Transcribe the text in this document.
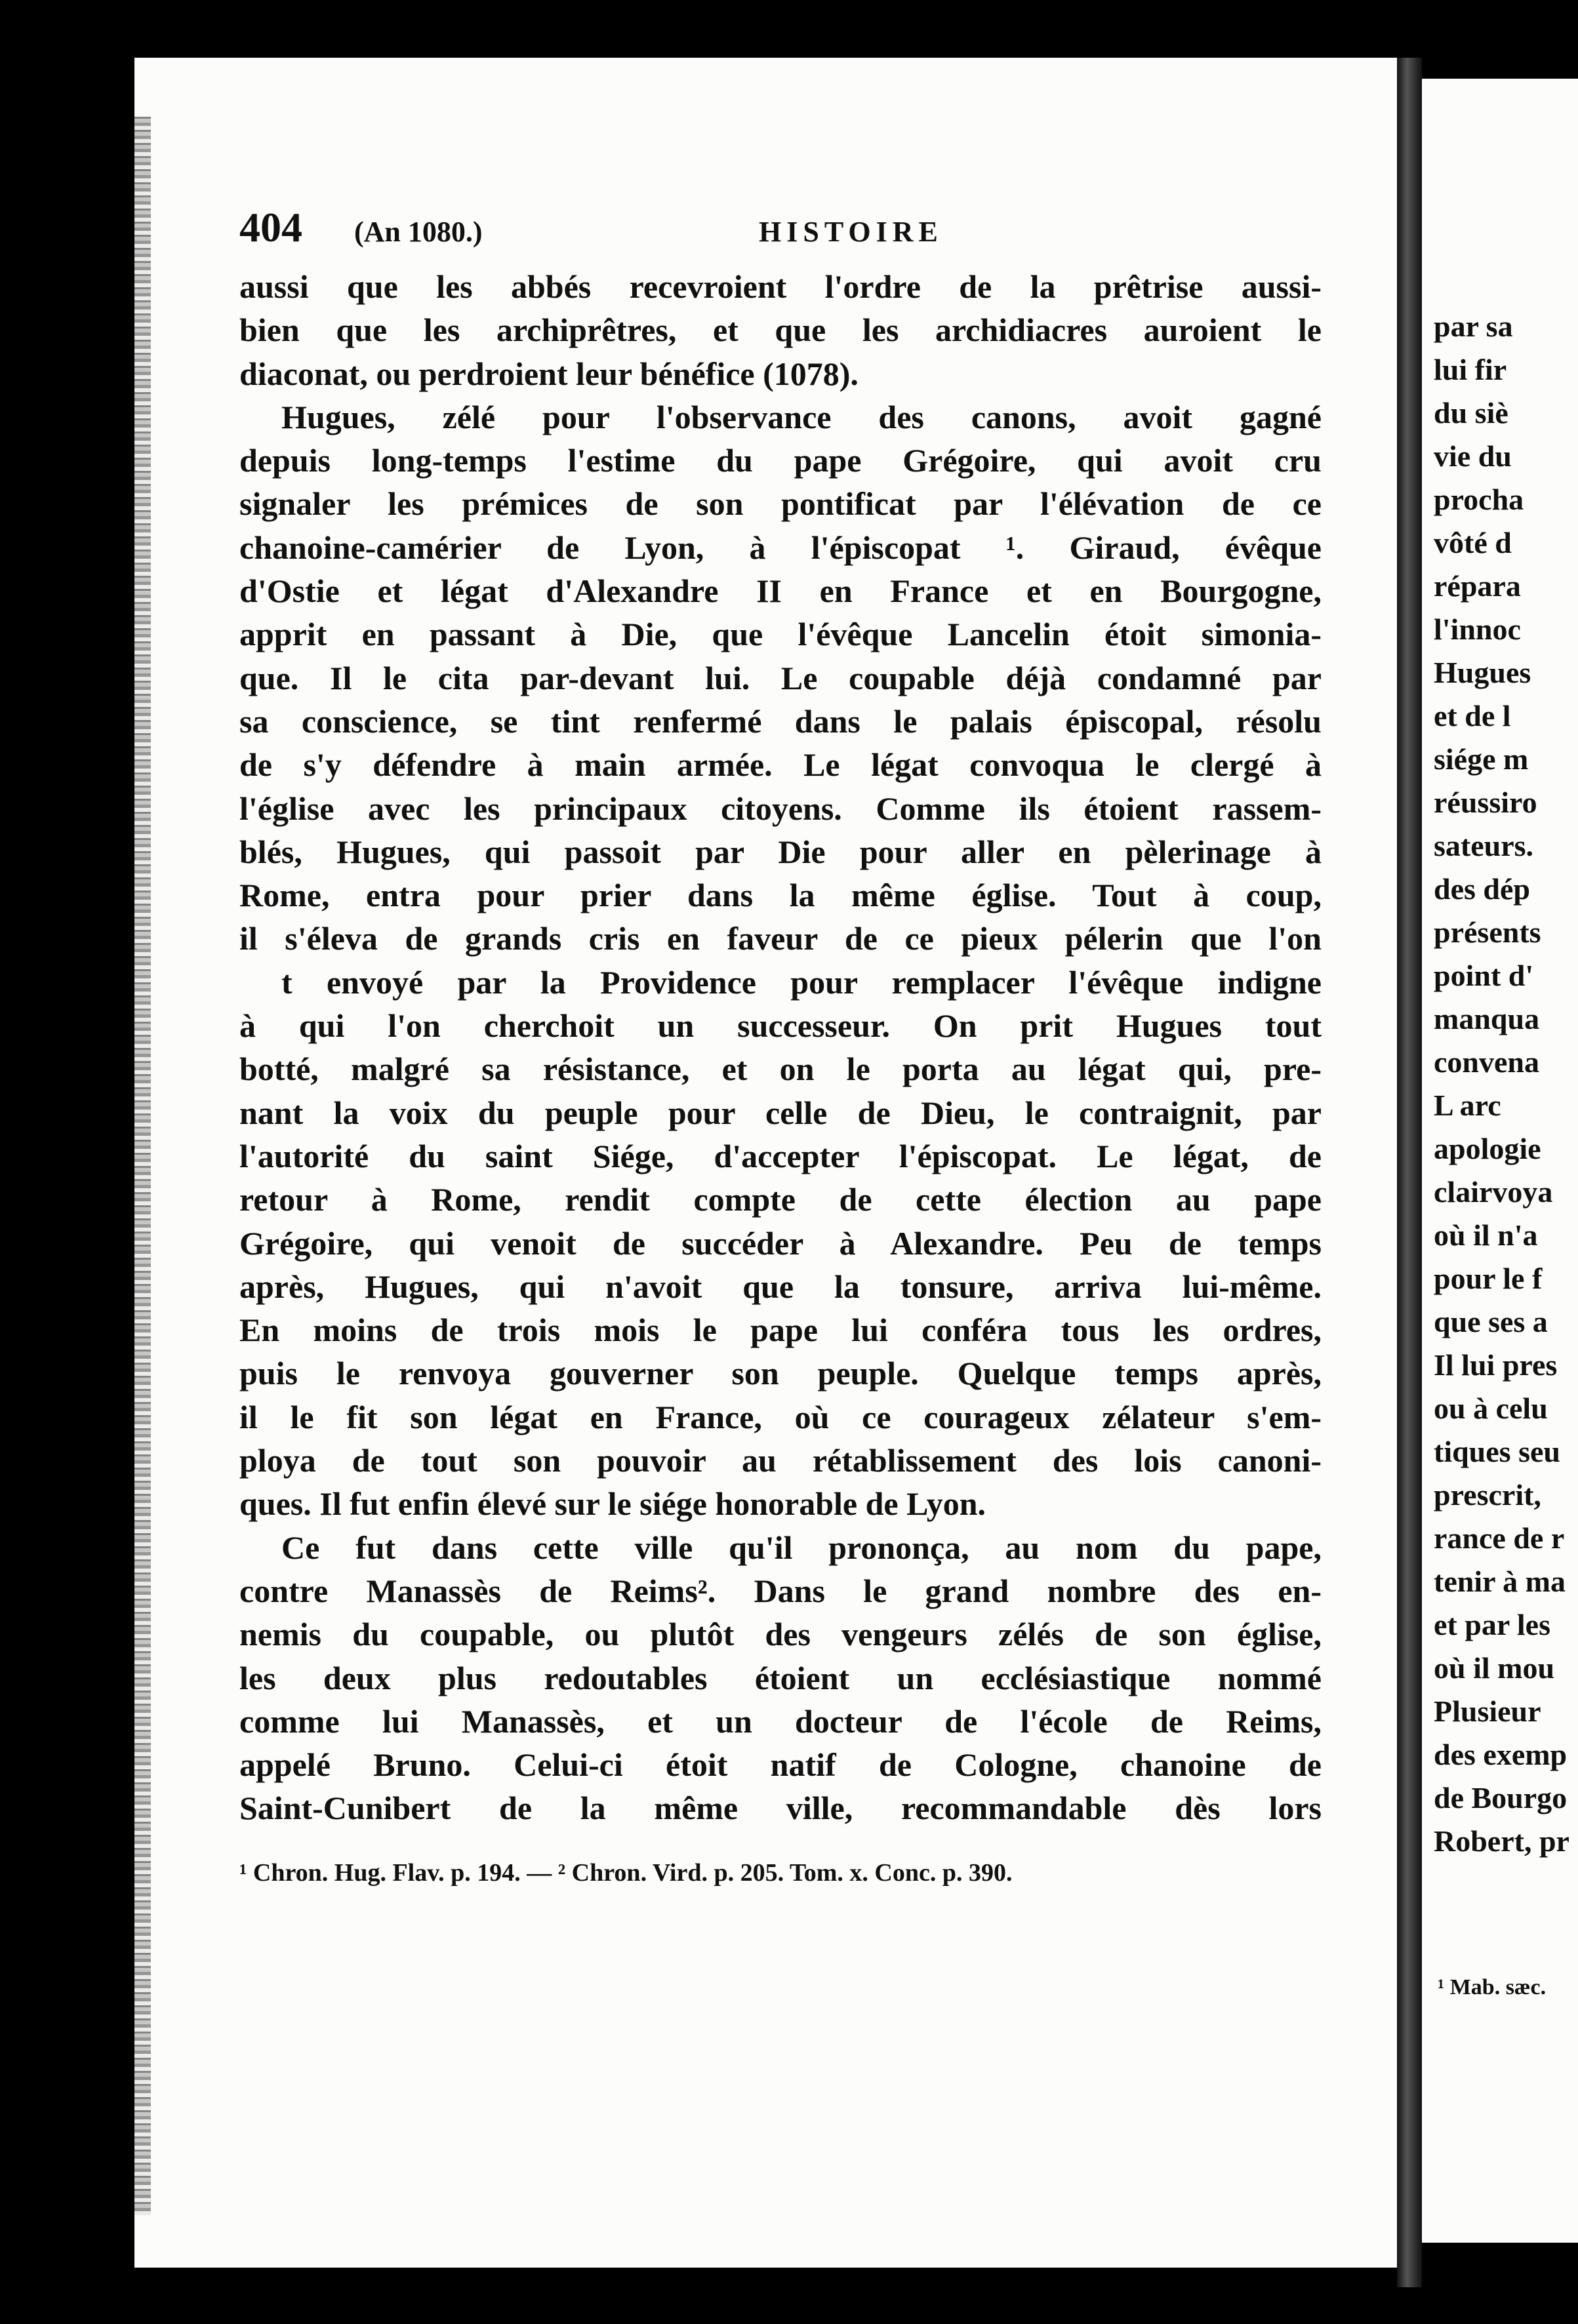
404 (An 1080.)	HISTOIRE
aussi que les abbés recevroient l'ordre de la prêtrise aussi-
bien que les archiprêtres, et que les archidiacres auroient le
diaconat, ou perdroient leur bénéfice (1078).
Hugues, zélé pour l'observance des canons, avoit gagné
depuis long-temps l'estime du pape Grégoire, qui avoit cru
signaler les prémices de son pontificat par l'élévation de ce
chanoine-camérier de Lyon, à l'épiscopat ¹. Giraud, évêque
d'Ostie et légat d'Alexandre II en France et en Bourgogne,
apprit en passant à Die, que l'évêque Lancelin étoit simonia-
que. Il le cita par-devant lui. Le coupable déjà condamné par
sa conscience, se tint renfermé dans le palais épiscopal, résolu
de s'y défendre à main armée. Le légat convoqua le clergé à
l'église avec les principaux citoyens. Comme ils étoient rassem-
blés, Hugues, qui passoit par Die pour aller en pèlerinage à
Rome, entra pour prier dans la même église. Tout à coup,
il s'éleva de grands cris en faveur de ce pieux pélerin que l'on
t envoyé par la Providence pour remplacer l'évêque indigne
à qui l'on cherchoit un successeur. On prit Hugues tout
botté, malgré sa résistance, et on le porta au légat qui, pre-
nant la voix du peuple pour celle de Dieu, le contraignit, par
l'autorité du saint Siége, d'accepter l'épiscopat. Le légat, de
retour à Rome, rendit compte de cette élection au pape
Grégoire, qui venoit de succéder à Alexandre. Peu de temps
après, Hugues, qui n'avoit que la tonsure, arriva lui-même.
En moins de trois mois le pape lui conféra tous les ordres,
puis le renvoya gouverner son peuple. Quelque temps après,
il le fit son légat en France, où ce courageux zélateur s'em-
ploya de tout son pouvoir au rétablissement des lois canoni-
ques. Il fut enfin élevé sur le siége honorable de Lyon.
Ce fut dans cette ville qu'il prononça, au nom du pape,
contre Manassès de Reims². Dans le grand nombre des en-
nemis du coupable, ou plutôt des vengeurs zélés de son église,
les deux plus redoutables étoient un ecclésiastique nommé
comme lui Manassès, et un docteur de l'école de Reims,
appelé Bruno. Celui-ci étoit natif de Cologne, chanoine de
Saint-Cunibert de la même ville, recommandable dès lors
¹ Chron. Hug. Flav. p. 194. — ² Chron. Vird. p. 205. Tom. x. Conc. p. 390.
par sa
lui fir
du siè
vie du
procha
vôté d
répara
l'innoc
Hugues
et de l
siége m
réussiro
sateurs.
des dép
présents
point d'
manqua
convena
L arc
apologie
clairvoya
où il n'a
pour le f
que ses a
Il lui pres
ou à celu
tiques seu
prescrit,
rance de r
tenir à ma
et par les
où il mou
Plusieur
des exemp
de Bourgo
Robert, pr
¹ Mab. sæc.
